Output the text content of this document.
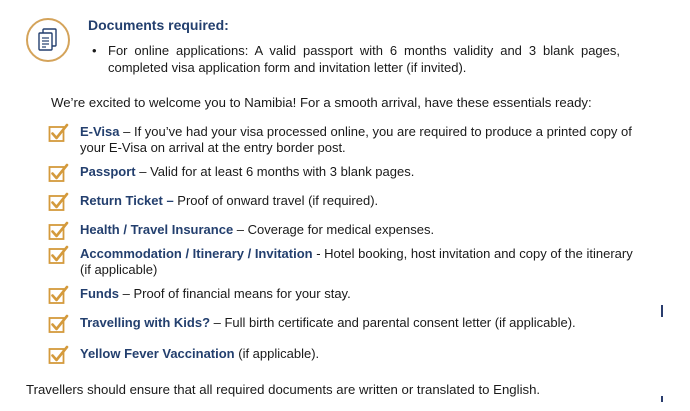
Documents required:
• For online applications: A valid passport with 6 months validity and 3 blank pages, completed visa application form and invitation letter (if invited).
We’re excited to welcome you to Namibia! For a smooth arrival, have these essentials ready:
E-Visa – If you’ve had your visa processed online, you are required to produce a printed copy of your E-Visa on arrival at the entry border post.
Passport – Valid for at least 6 months with 3 blank pages.
Return Ticket – Proof of onward travel (if required).
Health / Travel Insurance – Coverage for medical expenses.
Accommodation / Itinerary / Invitation - Hotel booking, host invitation and copy of the itinerary (if applicable)
Funds – Proof of financial means for your stay.
Travelling with Kids? – Full birth certificate and parental consent letter (if applicable).
Yellow Fever Vaccination (if applicable).
Travellers should ensure that all required documents are written or translated to English.
